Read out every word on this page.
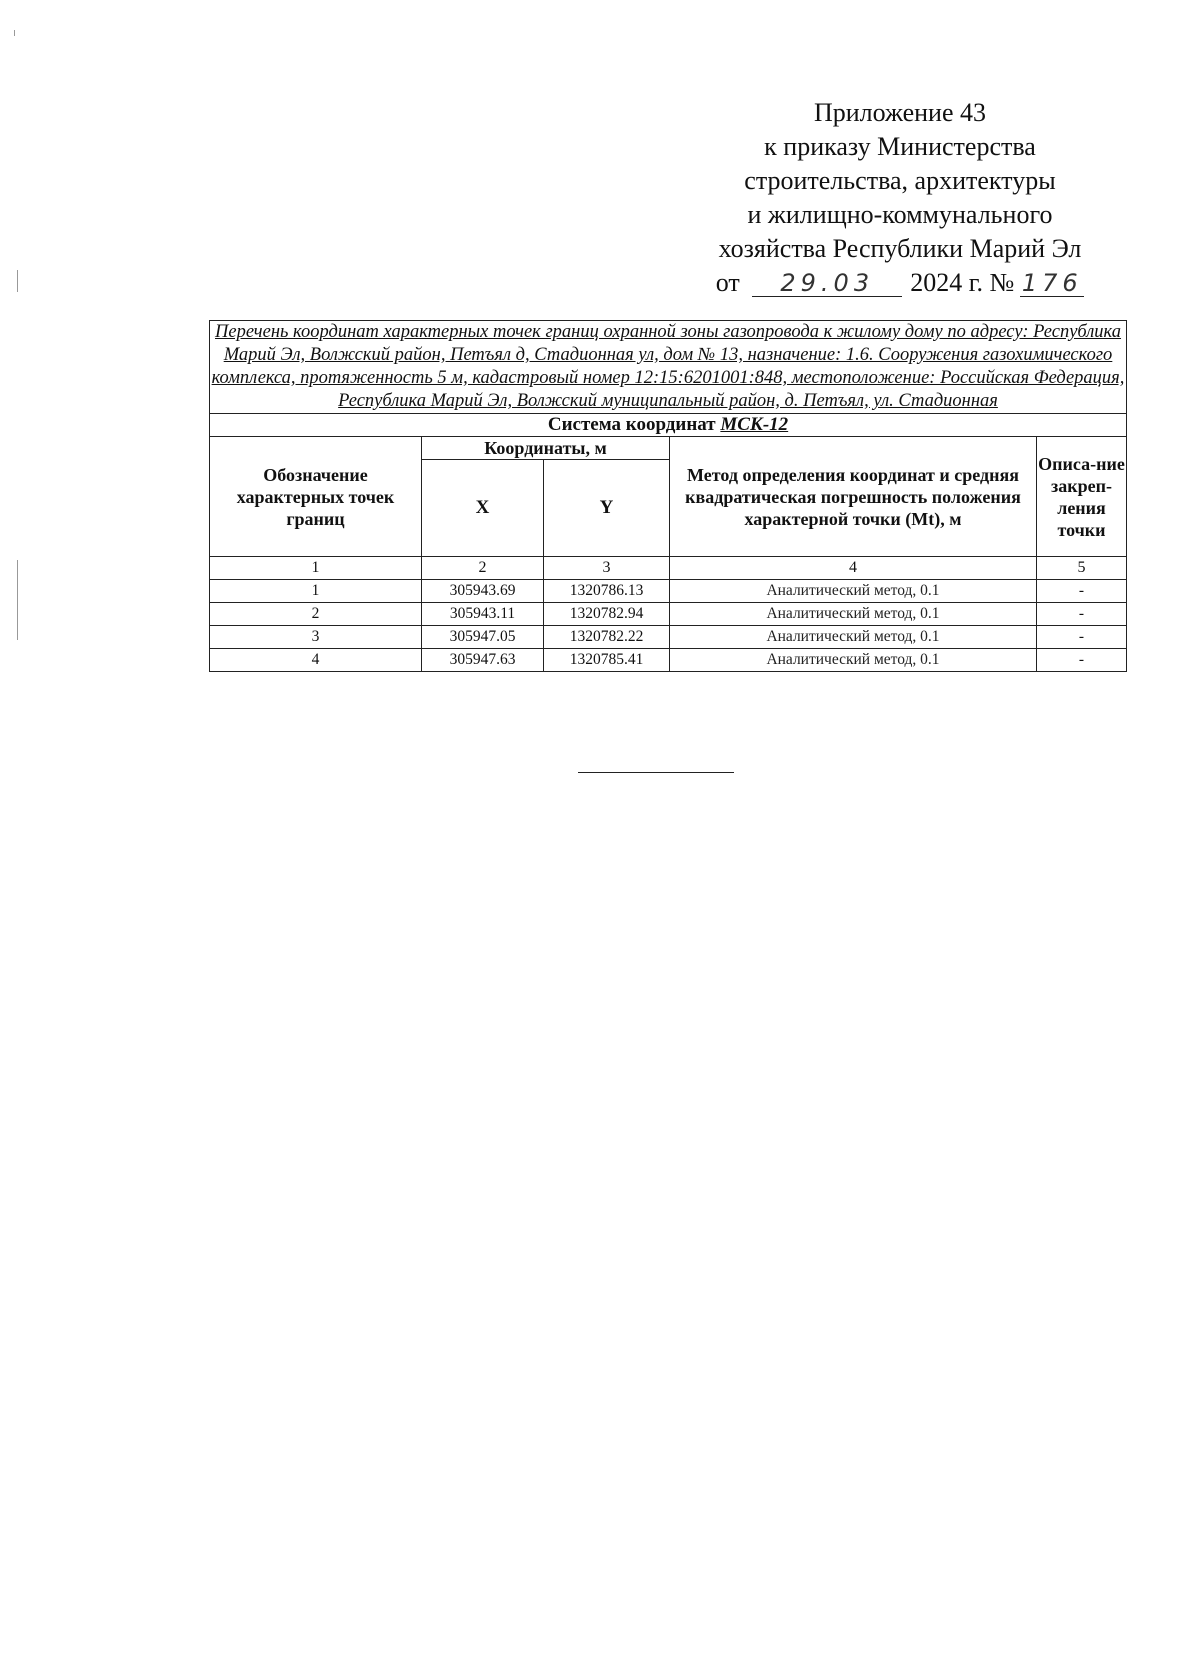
Приложение 43
к приказу Министерства
строительства, архитектуры
и жилищно-коммунального
хозяйства Республики Марий Эл
от 29.03 2024 г. № 176
Перечень координат характерных точек границ охранной зоны газопровода к жилому дому по адресу: Республика Марий Эл, Волжский район, Петъял д, Стадионная ул, дом № 13, назначение: 1.6. Сооружения газохимического комплекса, протяженность 5 м, кадастровый номер 12:15:6201001:848, местоположение: Российская Федерация, Республика Марий Эл, Волжский муниципальный район, д. Петъял, ул. Стадионная				
Система координат МСК-12				
Обозначение характерных точек границ	Координаты, м		Метод определения координат и средняя квадратическая погрешность положения характерной точки (Mt), м	Описа-ние закреп-ления точки
	X	Y		
1	2	3	4	5
1	305943.69	1320786.13	Аналитический метод, 0.1	-
2	305943.11	1320782.94	Аналитический метод, 0.1	-
3	305947.05	1320782.22	Аналитический метод, 0.1	-
4	305947.63	1320785.41	Аналитический метод, 0.1	-
